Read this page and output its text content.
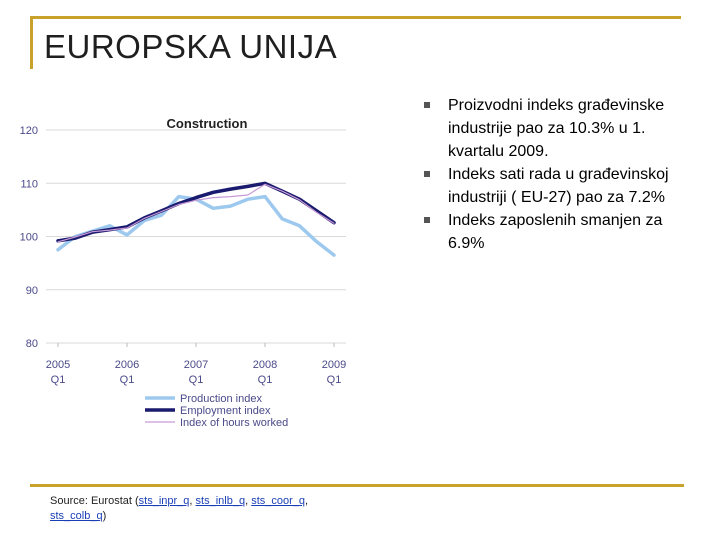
EUROPSKA UNIJA
Construction
80
90
100
110
120
2005
Q1
2006
Q1
2007
Q1
2008
Q1
2009
Q1
Production index
Employment index
Index of hours worked
Proizvodni indeks građevinske industrije pao za 10.3% u 1. kvartalu 2009.
Indeks sati rada u građevinskoj industriji ( EU-27) pao za 7.2%
Indeks zaposlenih smanjen za 6.9%
Source: Eurostat (sts_inpr_q, sts_inlb_q, sts_coor_q,
sts_colb_q)
